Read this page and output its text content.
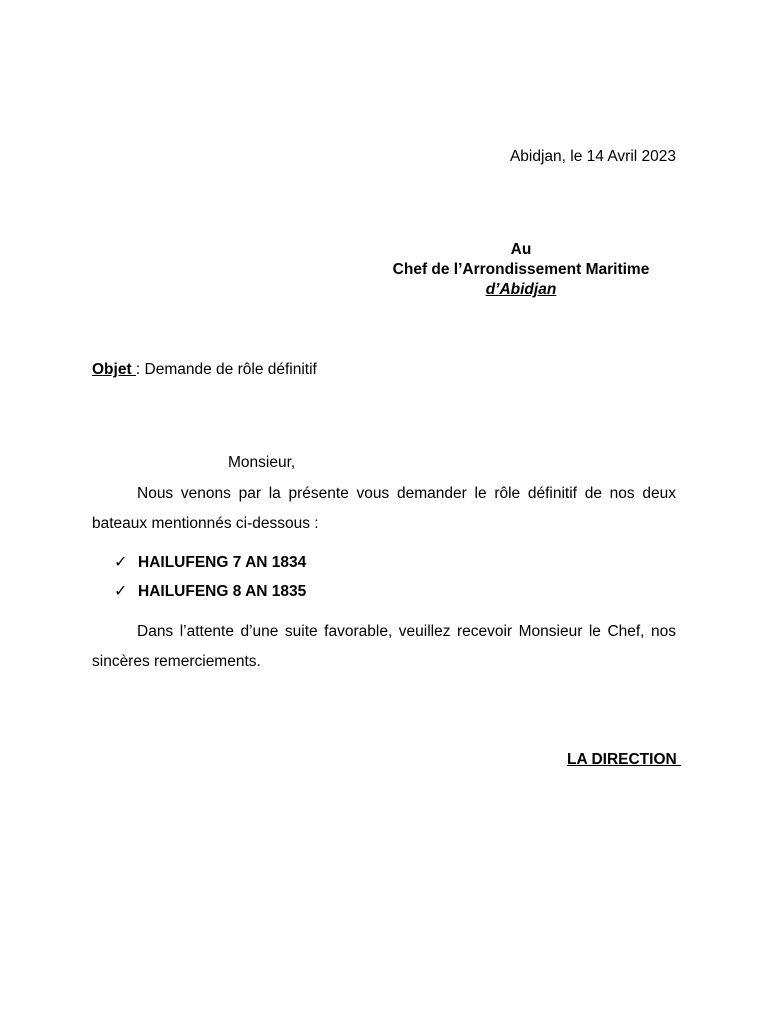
Abidjan, le 14 Avril 2023
Au
Chef de l’Arrondissement Maritime
d’Abidjan
Objet : Demande de rôle définitif
Monsieur,
Nous venons par la présente vous demander le rôle définitif de nos deux bateaux mentionnés ci-dessous :
✓ HAILUFENG 7 AN 1834
✓ HAILUFENG 8 AN 1835
Dans l’attente d’une suite favorable, veuillez recevoir Monsieur le Chef, nos sincères remerciements.
LA DIRECTION
